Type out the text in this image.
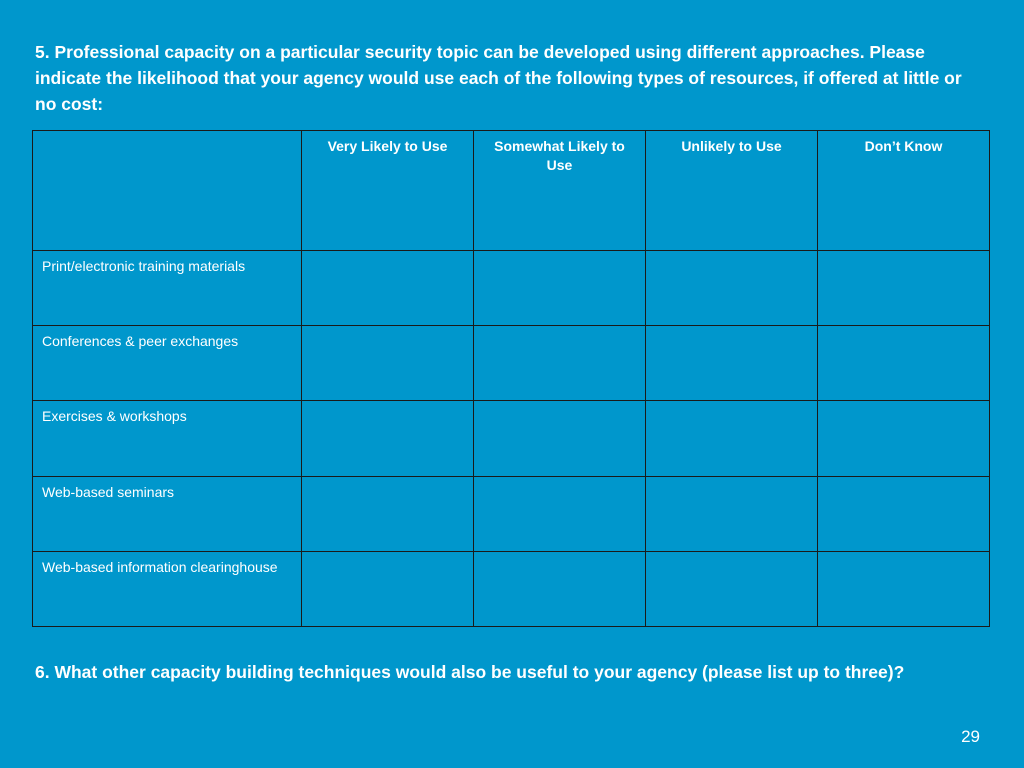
5. Professional capacity on a particular security topic can be developed using different approaches. Please indicate the likelihood that your agency would use each of the following types of resources, if offered at little or no cost:

	Very Likely to Use	Somewhat Likely to Use	Unlikely to Use	Don’t Know
Print/electronic training materials				
Conferences & peer exchanges				
Exercises & workshops				
Web-based seminars				
Web-based information clearinghouse				

6. What other capacity building techniques would also be useful to your agency (please list up to three)?

29
